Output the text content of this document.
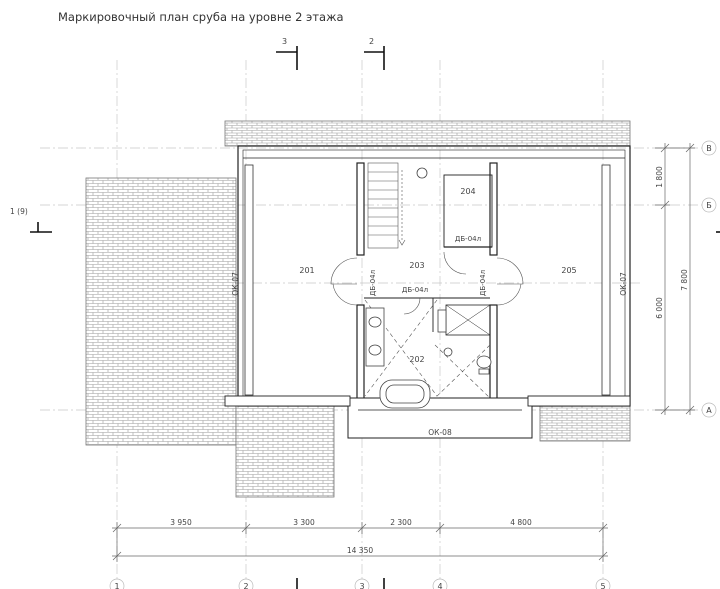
Маркировочный план сруба на уровне 2 этажа
201
202
203
204
205
ОК-07	ОК-07
ОК-08
ДБ-04л
ДБ-04л
ДБ-04л	ДБ-04л
3	2
1 (9)
3 950	3 300	2 300	4 800
14 350
1 800
6 000
7 800
В
Б
А
1	2	3	4	5
